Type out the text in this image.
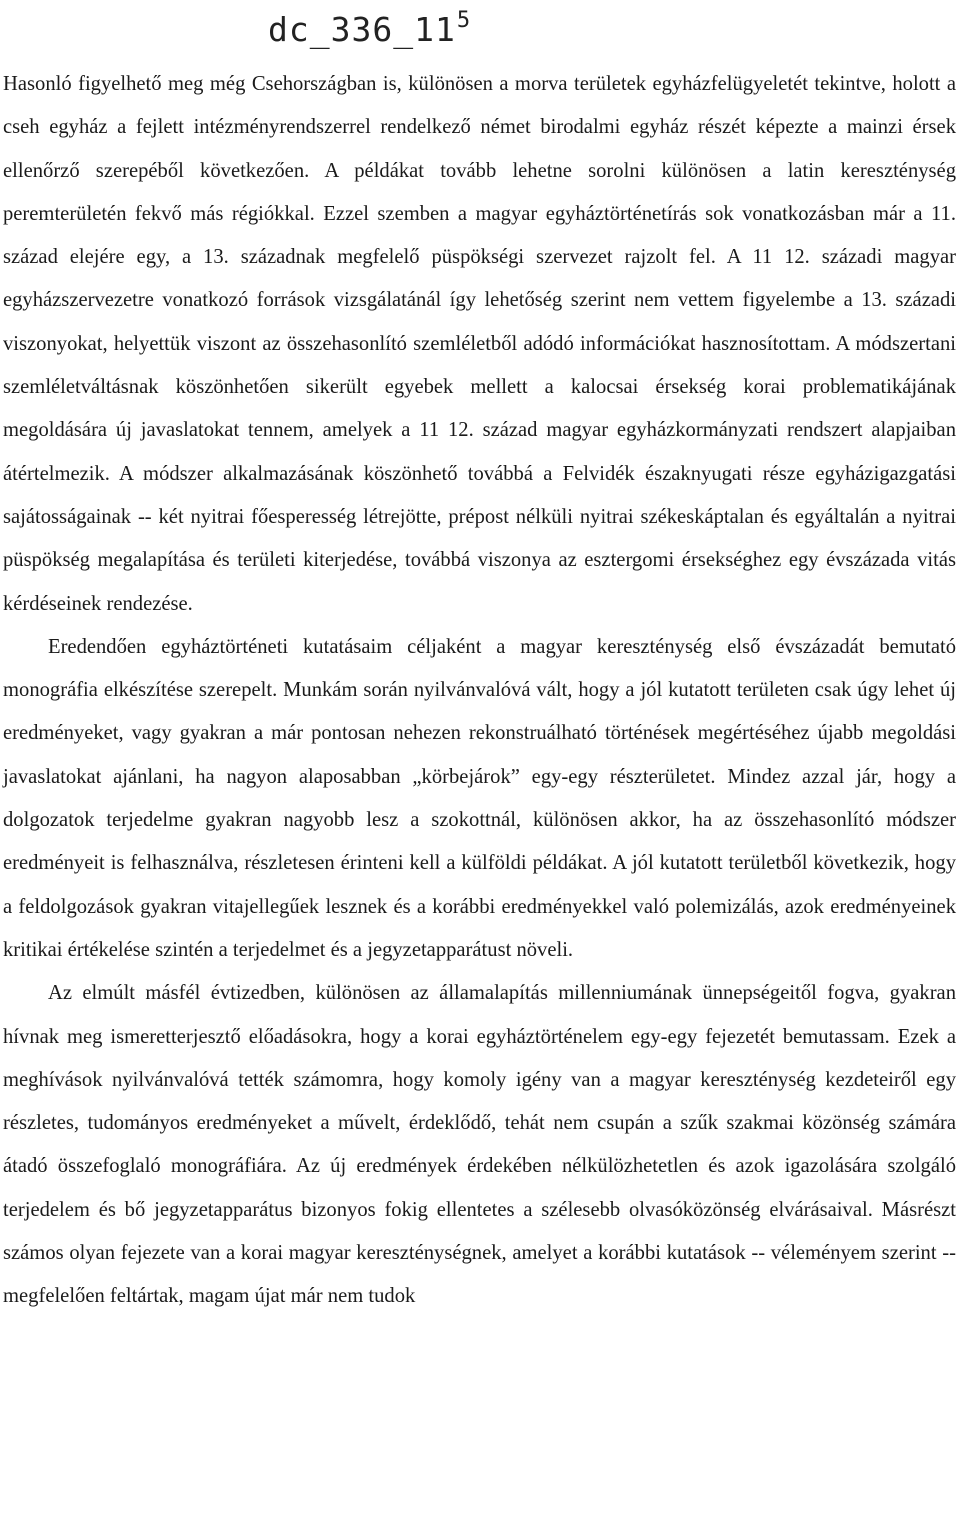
$dc\_336\_11^5$

Hasonló figyelhető meg még Csehországban is, különösen a morva területek egyházfelügyeletét tekintve, holott a cseh egyház a fejlett intézményrendszerrel rendelkező német birodalmi egyház részét képezte a mainzi érsek ellenőrző szerepéből következően. A példákat tovább lehetne sorolni különösen a latin kereszténység peremterületén fekvő más régiókkal. Ezzel szemben a magyar egyháztörténetírás sok vonatkozásban már a 11. század elejére egy, a 13. századnak megfelelő püspökségi szervezet rajzolt fel. A 11 12. századi magyar egyházszervezetre vonatkozó források vizsgálatánál így lehetőség szerint nem vettem figyelembe a 13. századi viszonyokat, helyettük viszont az összehasonlító szemléletből adódó információkat hasznosítottam. A módszertani szemléletváltásnak köszönhetően sikerült egyebek mellett a kalocsai érsekség korai problematikájának megoldására új javaslatokat tennem, amelyek a 11 12. század magyar egyházkormányzati rendszert alapjaiban átértelmezik. A módszer alkalmazásának köszönhető továbbá a Felvidék északnyugati része egyházigazgatási sajátosságainak -- két nyitrai főesperesség létrejötte, prépost nélküli nyitrai székeskáptalan és egyáltalán a nyitrai püspökség megalapítása és területi kiterjedése, továbbá viszonya az esztergomi érsekséghez egy évszázada vitás kérdéseinek rendezése.

Eredendően egyháztörténeti kutatásaim céljaként a magyar kereszténység első évszázadát bemutató monográfia elkészítése szerepelt. Munkám során nyilvánvalóvá vált, hogy a jól kutatott területen csak úgy lehet új eredményeket, vagy gyakran a már pontosan nehezen rekonstruálható történések megértéséhez újabb megoldási javaslatokat ajánlani, ha nagyon alaposabban „körbejárok” egy-egy részterületet. Mindez azzal jár, hogy a dolgozatok terjedelme gyakran nagyobb lesz a szokottnál, különösen akkor, ha az összehasonlító módszer eredményeit is felhasználva, részletesen érinteni kell a külföldi példákat. A jól kutatott területből következik, hogy a feldolgozások gyakran vitajellegűek lesznek és a korábbi eredményekkel való polemizálás, azok eredményeinek kritikai értékelése szintén a terjedelmet és a jegyzetapparátust növeli.

Az elmúlt másfél évtizedben, különösen az államalapítás millenniumának ünnepségeitől fogva, gyakran hívnak meg ismeretterjesztő előadásokra, hogy a korai egyháztörténelem egy-egy fejezetét bemutassam. Ezek a meghívások nyilvánvalóvá tették számomra, hogy komoly igény van a magyar kereszténység kezdeteiről egy részletes, tudományos eredményeket a művelt, érdeklődő, tehát nem csupán a szűk szakmai közönség számára átadó összefoglaló monográfiára. Az új eredmények érdekében nélkülözhetetlen és azok igazolására szolgáló terjedelem és bő jegyzetapparátus bizonyos fokig ellentetes a szélesebb olvasóközönség elvárásaival. Másrészt számos olyan fejezete van a korai magyar kereszténységnek, amelyet a korábbi kutatások -- véleményem szerint -- megfelelően feltártak, magam újat már nem tudok
